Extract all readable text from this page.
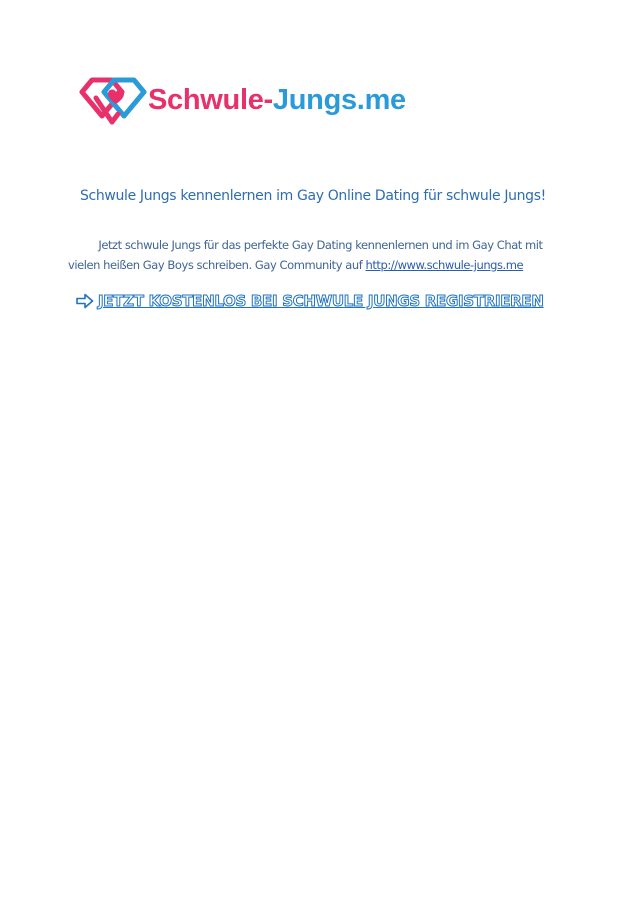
Schwule-Jungs.me
Schwule Jungs kennenlernen im Gay Online Dating für schwule Jungs!
Jetzt schwule Jungs für das perfekte Gay Dating kennenlernen und im Gay Chat mit
vielen heißen Gay Boys schreiben. Gay Community auf http://www.schwule-jungs.me
JETZT KOSTENLOS BEI SCHWULE JUNGS REGISTRIEREN
